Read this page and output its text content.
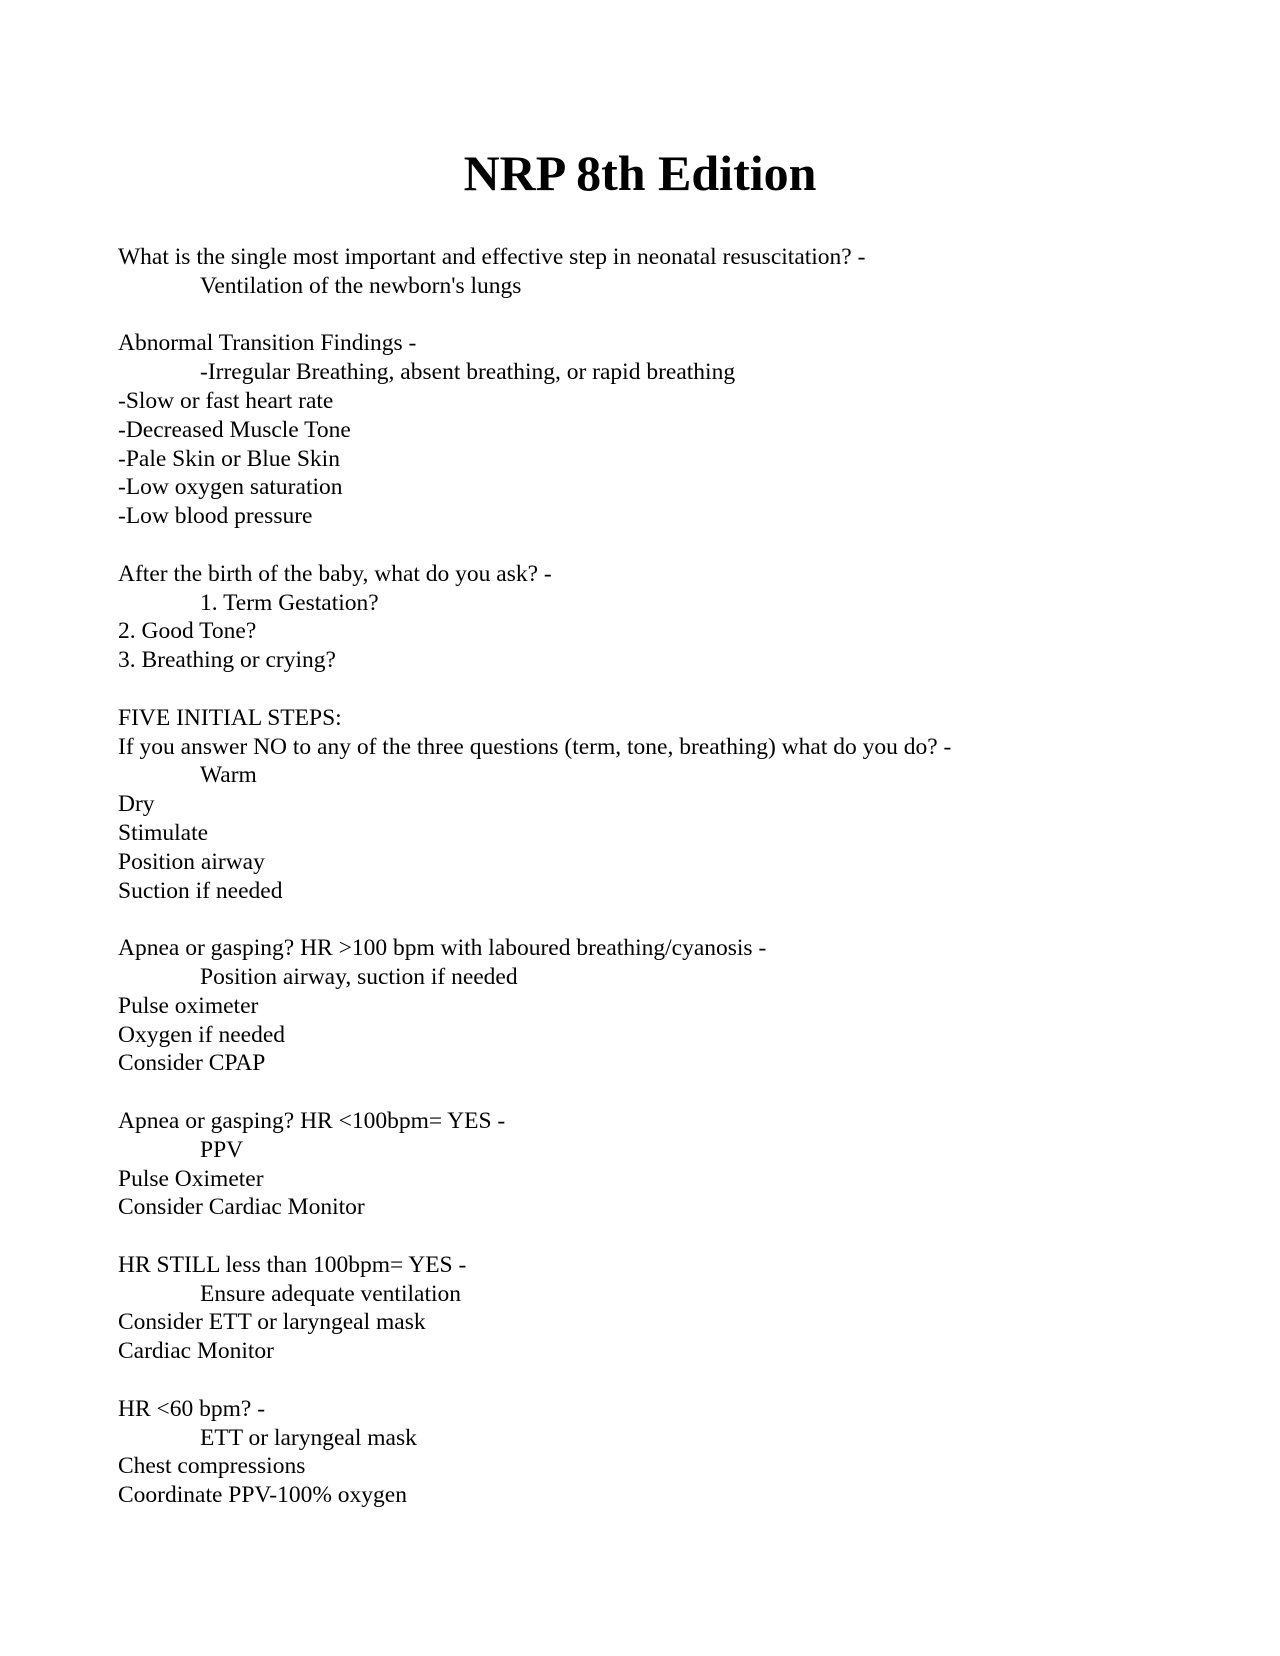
NRP 8th Edition
What is the single most important and effective step in neonatal resuscitation? -
Ventilation of the newborn's lungs
Abnormal Transition Findings -
-Irregular Breathing, absent breathing, or rapid breathing
-Slow or fast heart rate
-Decreased Muscle Tone
-Pale Skin or Blue Skin
-Low oxygen saturation
-Low blood pressure
After the birth of the baby, what do you ask? -
1. Term Gestation?
2. Good Tone?
3. Breathing or crying?
FIVE INITIAL STEPS:
If you answer NO to any of the three questions (term, tone, breathing) what do you do? -
Warm
Dry
Stimulate
Position airway
Suction if needed
Apnea or gasping? HR >100 bpm with laboured breathing/cyanosis -
Position airway, suction if needed
Pulse oximeter
Oxygen if needed
Consider CPAP
Apnea or gasping? HR <100bpm= YES -
PPV
Pulse Oximeter
Consider Cardiac Monitor
HR STILL less than 100bpm= YES -
Ensure adequate ventilation
Consider ETT or laryngeal mask
Cardiac Monitor
HR <60 bpm? -
ETT or laryngeal mask
Chest compressions
Coordinate PPV-100% oxygen
